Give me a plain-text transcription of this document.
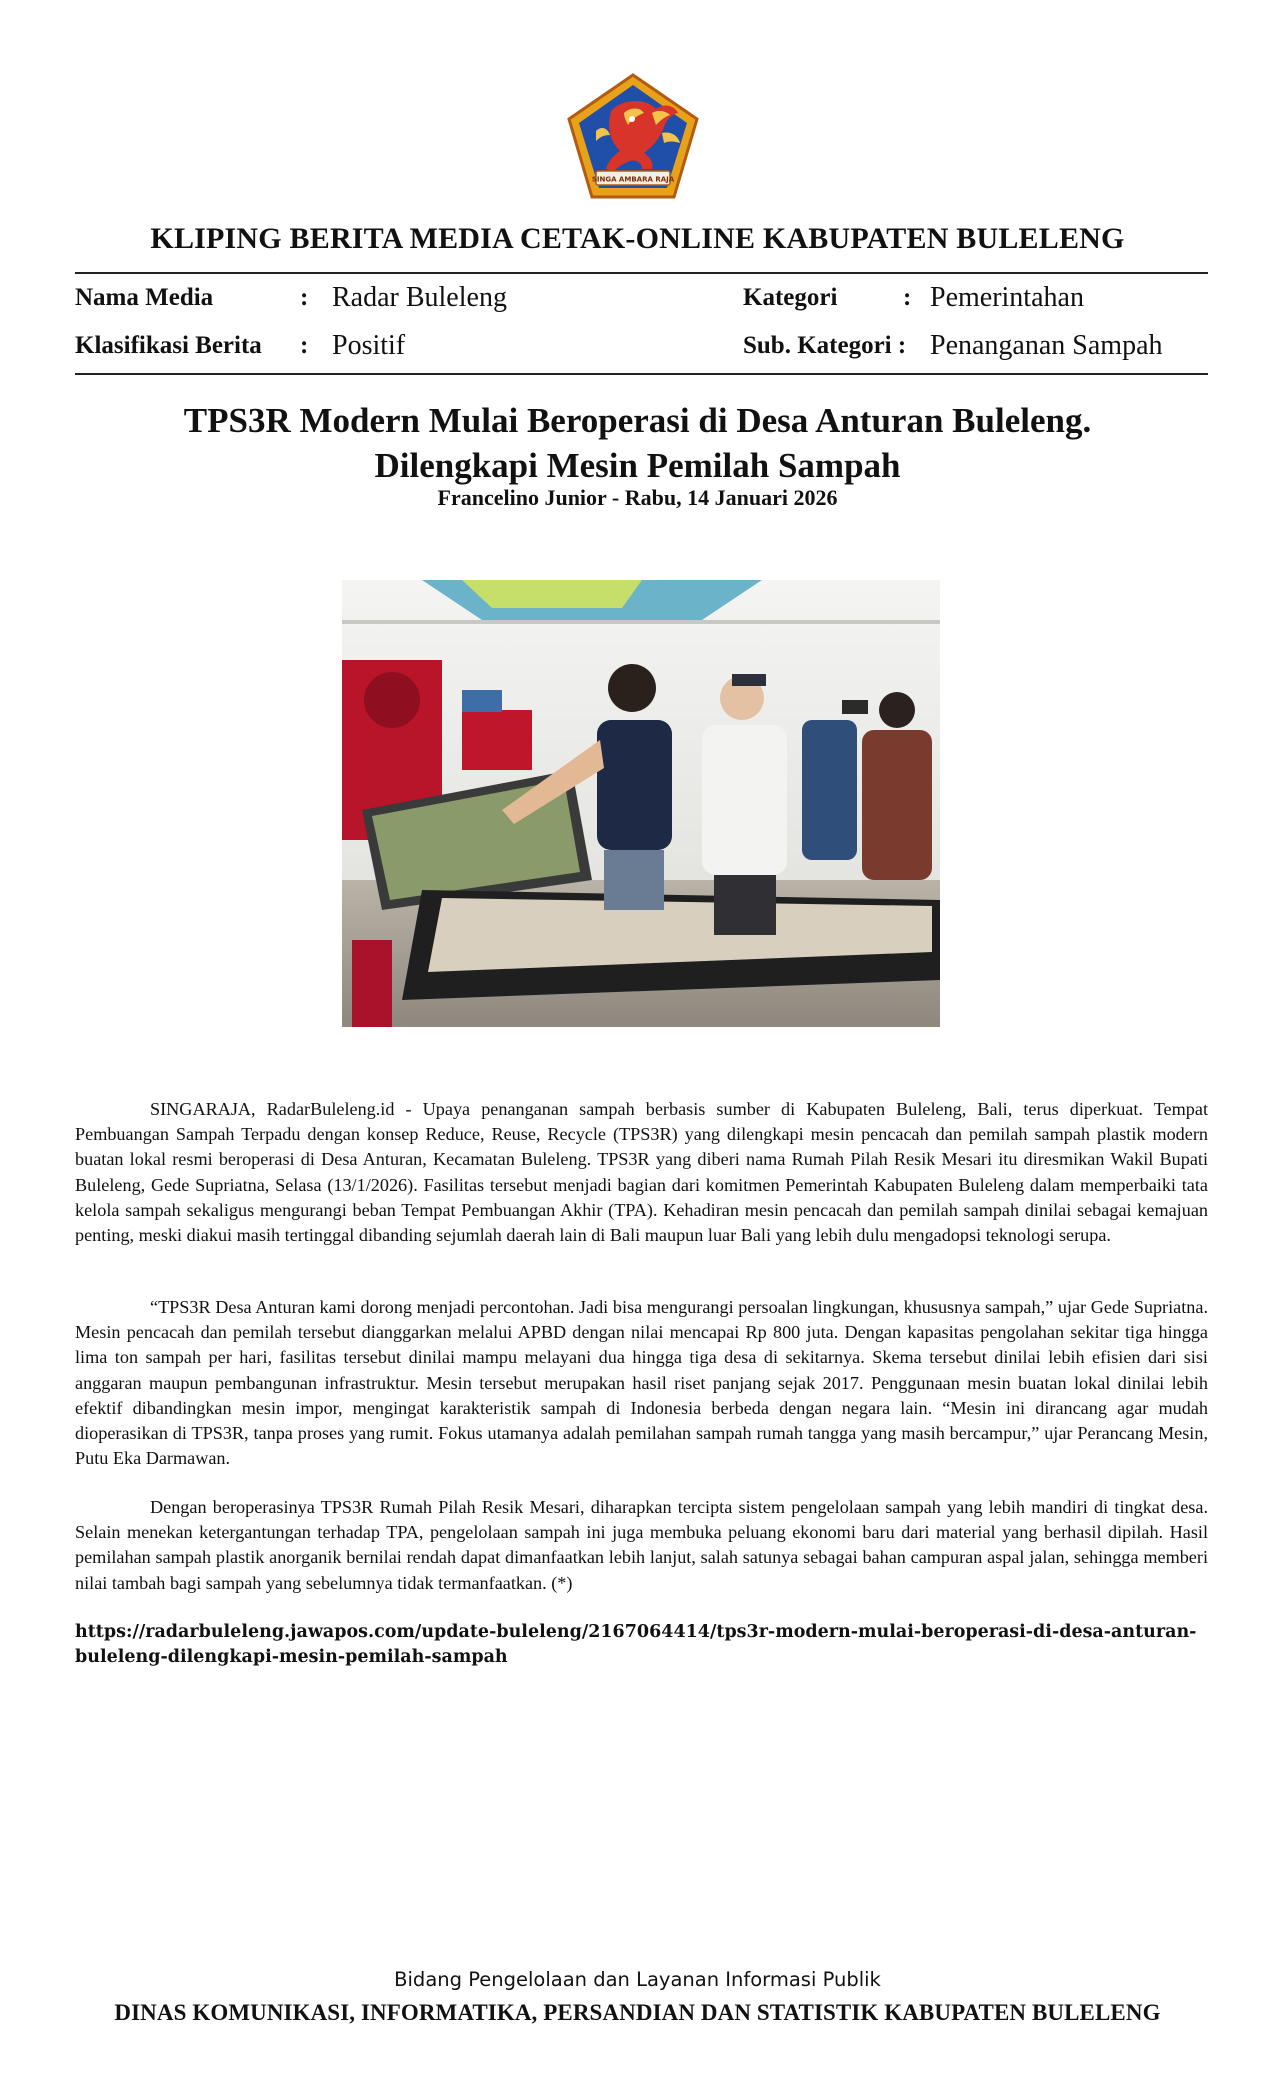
SINGA AMBARA RAJA
KLIPING BERITA MEDIA CETAK-ONLINE KABUPATEN BULELENG
Nama Media	: Radar Buleleng	Kategori	: Pemerintahan
Klasifikasi Berita : Positif	Sub. Kategori : Penanganan Sampah
TPS3R Modern Mulai Beroperasi di Desa Anturan Buleleng.
Dilengkapi Mesin Pemilah Sampah
Francelino Junior - Rabu, 14 Januari 2026

SINGARAJA, RadarBuleleng.id - Upaya penanganan sampah berbasis sumber di Kabupaten Buleleng, Bali, terus diperkuat. Tempat Pembuangan Sampah Terpadu dengan konsep Reduce, Reuse, Recycle (TPS3R) yang dilengkapi mesin pencacah dan pemilah sampah plastik modern buatan lokal resmi beroperasi di Desa Anturan, Kecamatan Buleleng. TPS3R yang diberi nama Rumah Pilah Resik Mesari itu diresmikan Wakil Bupati Buleleng, Gede Supriatna, Selasa (13/1/2026). Fasilitas tersebut menjadi bagian dari komitmen Pemerintah Kabupaten Buleleng dalam memperbaiki tata kelola sampah sekaligus mengurangi beban Tempat Pembuangan Akhir (TPA). Kehadiran mesin pencacah dan pemilah sampah dinilai sebagai kemajuan penting, meski diakui masih tertinggal dibanding sejumlah daerah lain di Bali maupun luar Bali yang lebih dulu mengadopsi teknologi serupa.

“TPS3R Desa Anturan kami dorong menjadi percontohan. Jadi bisa mengurangi persoalan lingkungan, khususnya sampah,” ujar Gede Supriatna. Mesin pencacah dan pemilah tersebut dianggarkan melalui APBD dengan nilai mencapai Rp 800 juta. Dengan kapasitas pengolahan sekitar tiga hingga lima ton sampah per hari, fasilitas tersebut dinilai mampu melayani dua hingga tiga desa di sekitarnya. Skema tersebut dinilai lebih efisien dari sisi anggaran maupun pembangunan infrastruktur. Mesin tersebut merupakan hasil riset panjang sejak 2017. Penggunaan mesin buatan lokal dinilai lebih efektif dibandingkan mesin impor, mengingat karakteristik sampah di Indonesia berbeda dengan negara lain. “Mesin ini dirancang agar mudah dioperasikan di TPS3R, tanpa proses yang rumit. Fokus utamanya adalah pemilahan sampah rumah tangga yang masih bercampur,” ujar Perancang Mesin, Putu Eka Darmawan.

Dengan beroperasinya TPS3R Rumah Pilah Resik Mesari, diharapkan tercipta sistem pengelolaan sampah yang lebih mandiri di tingkat desa. Selain menekan ketergantungan terhadap TPA, pengelolaan sampah ini juga membuka peluang ekonomi baru dari material yang berhasil dipilah. Hasil pemilahan sampah plastik anorganik bernilai rendah dapat dimanfaatkan lebih lanjut, salah satunya sebagai bahan campuran aspal jalan, sehingga memberi nilai tambah bagi sampah yang sebelumnya tidak termanfaatkan. (*)

https://radarbuleleng.jawapos.com/update-buleleng/2167064414/tps3r-modern-mulai-beroperasi-di-desa-anturan-buleleng-dilengkapi-mesin-pemilah-sampah
Bidang Pengelolaan dan Layanan Informasi Publik
DINAS KOMUNIKASI, INFORMATIKA, PERSANDIAN DAN STATISTIK KABUPATEN BULELENG
